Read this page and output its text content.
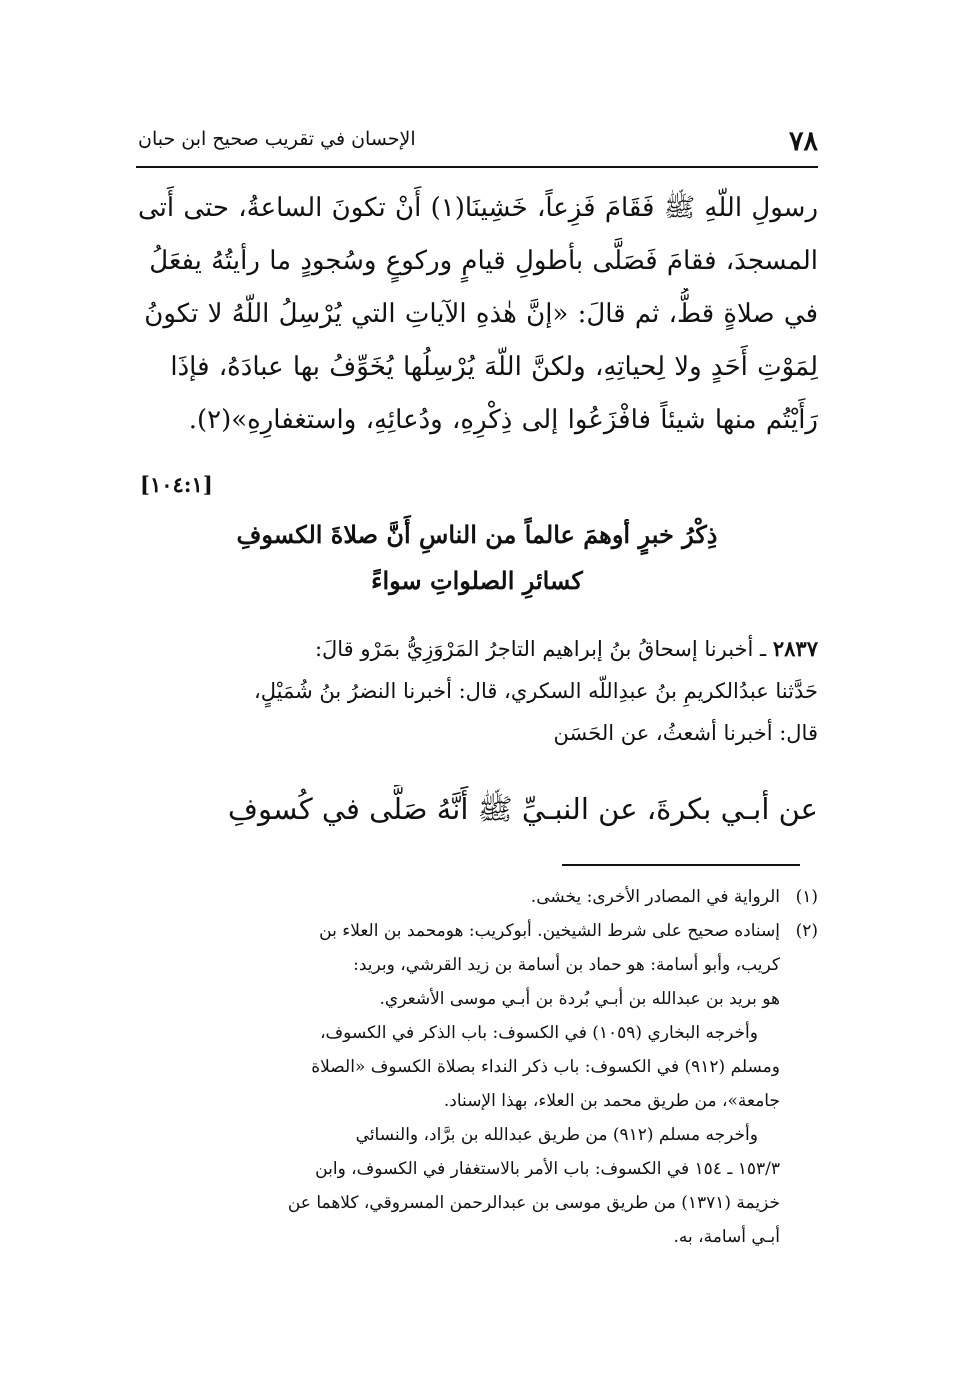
٧٨
الإحسان في تقريب صحيح ابن حبان
رسولِ اللّهِ ﷺ فَقَامَ فَزِعاً، خَشِينَا(١) أَنْ تكونَ الساعةُ، حتى أَتى
المسجدَ، فقامَ فَصَلَّى بأطولِ قيامٍ وركوعٍ وسُجودٍ ما رأيتُهُ يفعَلُ
في صلاةٍ قطُّ، ثم قالَ: «إنَّ هٰذهِ الآياتِ التي يُرْسِلُ اللّهُ لا تكونُ
لِمَوْتِ أَحَدٍ ولا لِحياتِهِ، ولكنَّ اللّهَ يُرْسِلُها يُخَوِّفُ بها عبادَهُ، فإذَا
رَأَيْتُم منها شيئاً فافْزَعُوا إلى ذِكْرِهِ، ودُعائِهِ، واستغفارِهِ»(٢).
[١٠٤:١]
ذِكْرُ خبرٍ أوهمَ عالماً من الناسِ أَنَّ صلاةَ الكسوفِ
كسائرِ الصلواتِ سواءً
٢٨٣٧ ـ أخبرنا إسحاقُ بنُ إبراهيم التاجرُ المَرْوَزِيُّ بمَرْو قالَ:
حَدَّثنا عبدُالكريمِ بنُ عبدِاللّه السكري، قال: أخبرنا النضرُ بنُ شُمَيْلٍ،
قال: أخبرنا أشعثُ، عن الحَسَن
عن أبـي بكرةَ، عن النبـيِّ ﷺ أَنَّهُ صَلَّى في كُسوفِ
(١)الرواية في المصادر الأخرى: يخشى.
(٢)إسناده صحيح على شرط الشيخين. أبوكريب: هومحمد بن العلاء بن
كريب، وأبو أسامة: هو حماد بن أسامة بن زيد القرشي، وبريد:
هو بريد بن عبدالله بن أبـي بُردة بن أبـي موسى الأشعري.
وأخرجه البخاري (١٠٥٩) في الكسوف: باب الذكر في الكسوف،
ومسلم (٩١٢) في الكسوف: باب ذكر النداء بصلاة الكسوف «الصلاة
جامعة»، من طريق محمد بن العلاء، بهذا الإسناد.
وأخرجه مسلم (٩١٢) من طريق عبدالله بن برَّاد، والنسائي
١٥٣/٣ ـ ١٥٤ في الكسوف: باب الأمر بالاستغفار في الكسوف، وابن
خزيمة (١٣٧١) من طريق موسى بن عبدالرحمن المسروقي، كلاهما عن
أبـي أسامة، به.
